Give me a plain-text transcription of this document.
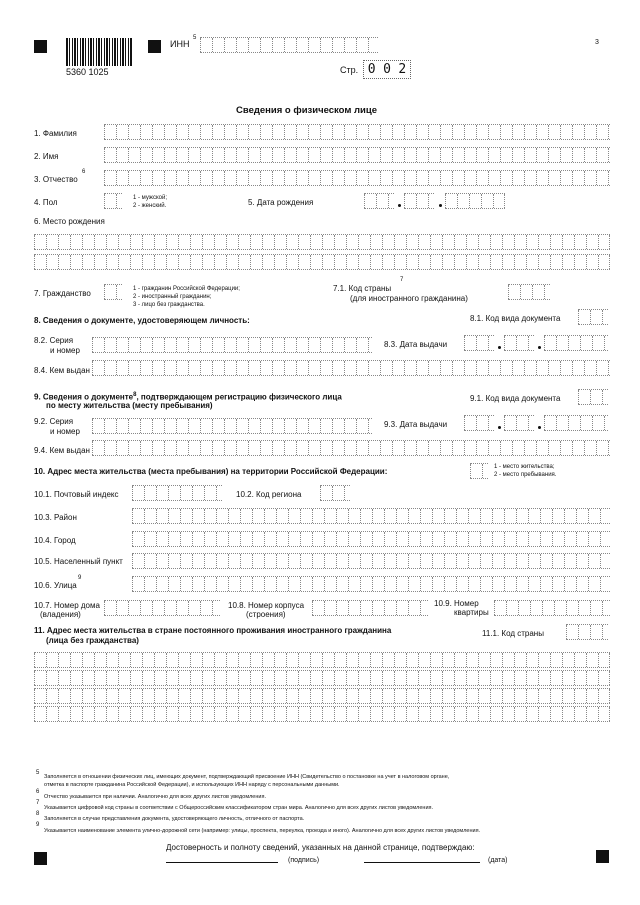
5360 1025
3
ИНН
5
Стр. 0 0 2
Сведения о физическом лице
1. Фамилия
2. Имя
3. Отчество
6
4. Пол	1 - мужской;
2 - женский.	5. Дата рождения
6. Место рождения
7. Гражданство	1 - гражданин Российской Федерации;
2 - иностранный гражданин;
3 - лицо без гражданства.
7.1. Код страны
7
(для иностранного гражданина)
8. Сведения о документе, удостоверяющем личность:	8.1. Код вида документа
8.2. Серия
и номер
8.3. Дата выдачи
8.4. Кем выдан
9. Сведения о документе$^8$, подтверждающем регистрацию физического лица
по месту жительства (месту пребывания)
9.1. Код вида документа
9.2. Серия
и номер
9.3. Дата выдачи
9.4. Кем выдан
10. Адрес места жительства (места пребывания) на территории Российской Федерации:	1 - место жительства;
2 - место пребывания.
10.1. Почтовый индекс	10.2. Код региона
10.3. Район
10.4. Город
10.5. Населенный пункт
10.6. Улица
9
10.7. Номер дома
(владения)
10.8. Номер корпуса
(строения)
10.9. Номер
квартиры
11. Адрес места жительства в стране постоянного проживания иностранного гражданина
(лица без гражданства)
11.1. Код страны
5
Заполняется в отношении физических лиц, имеющих документ, подтверждающий присвоение ИНН (Свидетельство о постановке на учет в налоговом органе,
отметка в паспорте гражданина Российской Федерации), и использующих ИНН наряду с персональными данными.
6
Отчество указывается при наличии. Аналогично для всех других листов уведомления.
7
Указывается цифровой код страны в соответствии с Общероссийским классификатором стран мира. Аналогично для всех других листов уведомления.
8
Заполняется в случае представления документа, удостоверяющего личность, отличного от паспорта.
9
Указывается наименование элемента улично-дорожной сети (например: улицы, проспекта, переулка, проезда и иного). Аналогично для всех других листов уведомления.
Достоверность и полноту сведений, указанных на данной странице, подтверждаю:
(подпись)	(дата)
